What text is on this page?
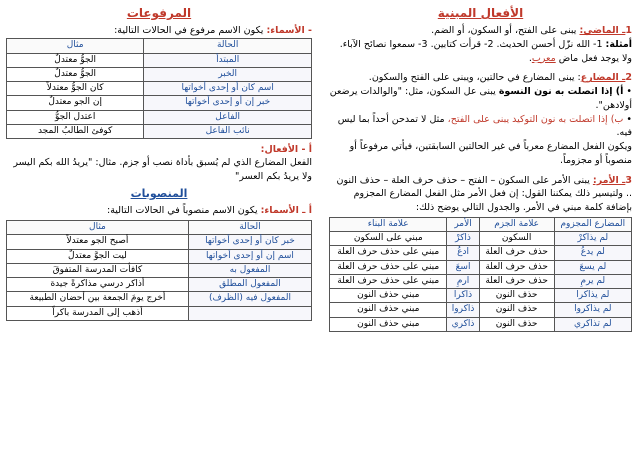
الأفعال المبنية

1ـ الماضي: يبنى على الفتح، أو السكون، أو الضم.
أمثلة: 1- الله نزّل أحسن الحديث. 2- قرأت كتابين. 3- سمعوا نصائح الآباء.
ولا يوجد فعل ماض معرب.

2ـ المضارع: يبنى المضارع في حالتين، ويبنى على الفتح والسكون.
• أ) إذا اتصلت به نون النسوة يبنى عل السكون، مثل: "والوالدات يرضعن أولادهن".
• ب) إذا اتصلت به نون التوكيد يبنى على الفتح، مثل لا تمدحن أحداً بما ليس فيه.
ويكون الفعل المضارع معرباً في غير الحالتين السابقتين، فيأتي مرفوعاً أو منصوباً أو مجزوماً.

3ـ الأمر: يبنى الأمر على السكون – الفتح – حذف حرف العلة – حذف النون .. ولتيسير ذلك يمكننا القول: إن فعل الأمر مثل الفعل المضارع المجزوم بإضافة كلمة مبني في الأمر. والجدول التالي يوضح ذلك:

المضارع المجزوم	علامة الجزم	الأمر	علامة البناء
لم يذاكرْ	السكون	ذاكرْ	مبني على السكون
لم يدعُ	حذف حرف العلة	ادعُ	مبني على حذف حرف العلة
لم يسعَ	حذف حرف العلة	اسعَ	مبني على حذف حرف العلة
لم يرمِ	حذف حرف العلة	ارمِ	مبني على حذف حرف العلة
لم يذاكرا	حذف النون	ذاكرا	مبني حذف النون
لم يذاكروا	حذف النون	ذاكروا	مبني حذف النون
لم تذاكري	حذف النون	ذاكري	مبني حذف النون
المرفوعات

- الأسماء: يكون الاسم مرفوع في الحالات التالية:

الحالة	مثال
المبتدأ	الجوُّ معتدلٌ
الخبر	الجوُّ معتدلٌ
اسم كان أو إحدى أخواتها	كان الجوُّ معتدلاً
خبر إن أو إحدى أخواتها	إن الجو معتدلٌ
الفاعل	اعتدل الجوُّ
نائب الفاعل	كوفئ الطالبُ المجد

أ - الأفعال:
الفعل المضارع الذي لم يُسبق بأداة نصب أو جزم. مثال: "يريدُ الله بكم اليسر ولا يريدُ بكم العسر"

المنصوبات

أ ـ الأسماء: يكون الاسم منصوباً في الحالات التالية:

الحالة	مثال
خبر كان أو إحدى أخواتها	أصبح الجو معتدلاً
اسم إن أو إحدى أخواتها	ليت الجوَّ معتدلٌ
المفعول به	كافأت المدرسة المتفوقَ
المفعول المطلق	أذاكر درسي مذاكرةً جيدة
المفعول فيه (الظرف)	أخرج يومَ الجمعة بين أحضان الطبيعة
	أذهب إلى المدرسة باكراً
